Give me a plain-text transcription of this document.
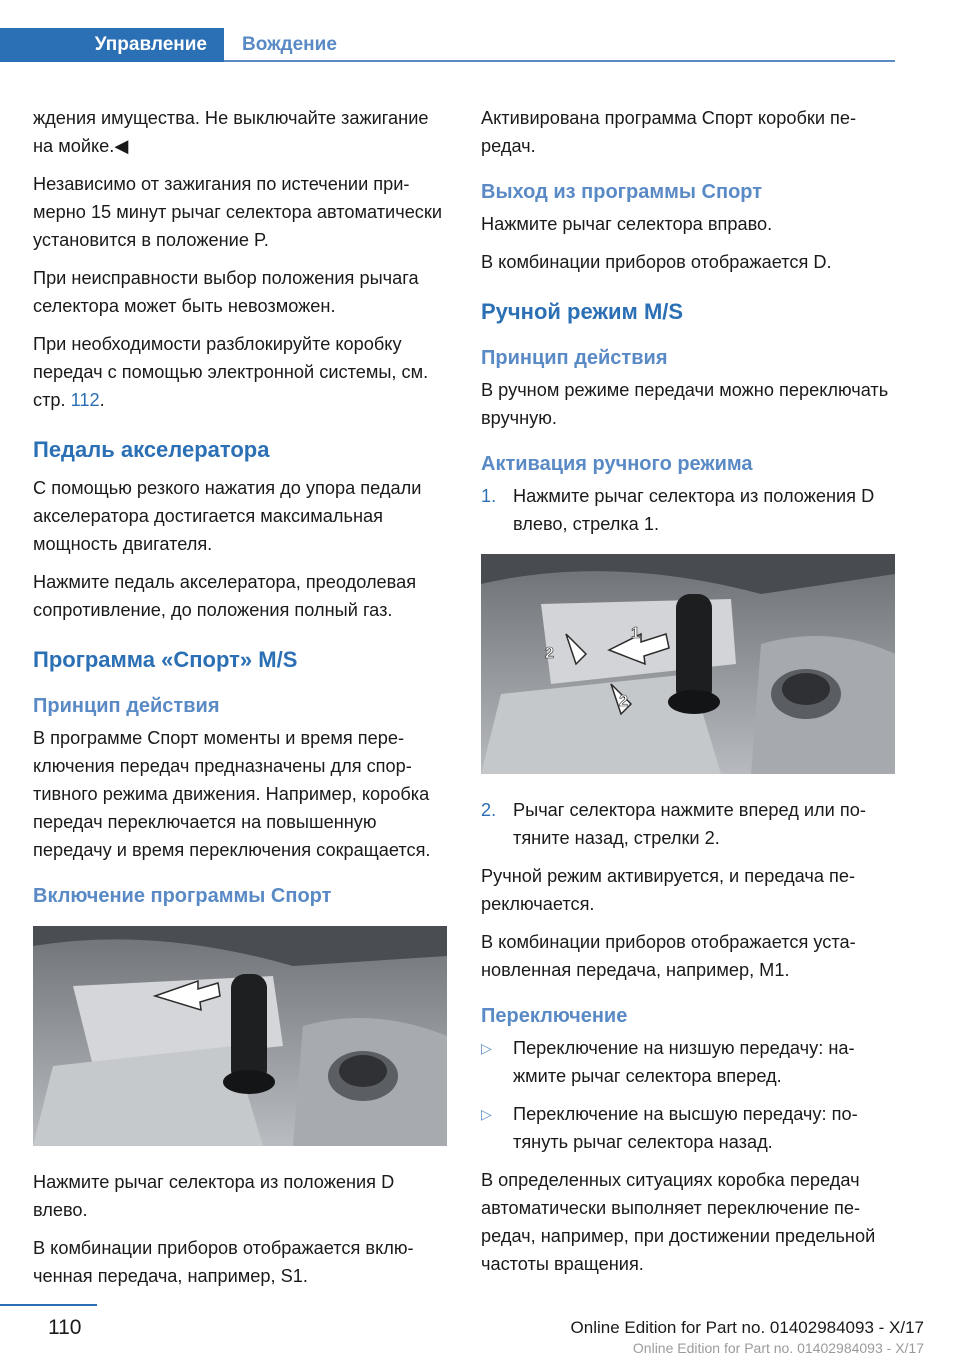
Управление	Вождение

ждения имущества. Не выключайте зажигание на мойке.◀

Независимо от зажигания по истечении примерно 15 минут рычаг селектора автоматически установится в положение P.

При неисправности выбор положения рычага селектора может быть невозможен.

При необходимости разблокируйте коробку передач с помощью электронной системы, см. стр. 112.

Педаль акселератора

С помощью резкого нажатия до упора педали акселератора достигается максимальная мощность двигателя.

Нажмите педаль акселератора, преодолевая сопротивление, до положения полный газ.

Программа «Спорт» M/S
Принцип действия

В программе Спорт моменты и время переключения передач предназначены для спортивного режима движения. Например, коробка передач переключается на повышенную передачу и время переключения сокращается.

Включение программы Спорт

Нажмите рычаг селектора из положения D влево.

В комбинации приборов отображается включенная передача, например, S1.

Активирована программа Спорт коробки передач.

Выход из программы Спорт

Нажмите рычаг селектора вправо.

В комбинации приборов отображается D.

Ручной режим M/S
Принцип действия

В ручном режиме передачи можно переключать вручную.

Активация ручного режима
1. Нажмите рычаг селектора из положения D влево, стрелка 1.
2
1
2
2. Рычаг селектора нажмите вперед или потяните назад, стрелки 2.

Ручной режим активируется, и передача переключается.

В комбинации приборов отображается установленная передача, например, M1.

Переключение
▷	Переключение на низшую передачу: нажмите рычаг селектора вперед.
▷	Переключение на высшую передачу: потянуть рычаг селектора назад.

В определенных ситуациях коробка передач автоматически выполняет переключение передач, например, при достижении предельной частоты вращения.

110	Online Edition for Part no. 01402984093 - X/17
Online Edition for Part no. 01402984093 - X/17
